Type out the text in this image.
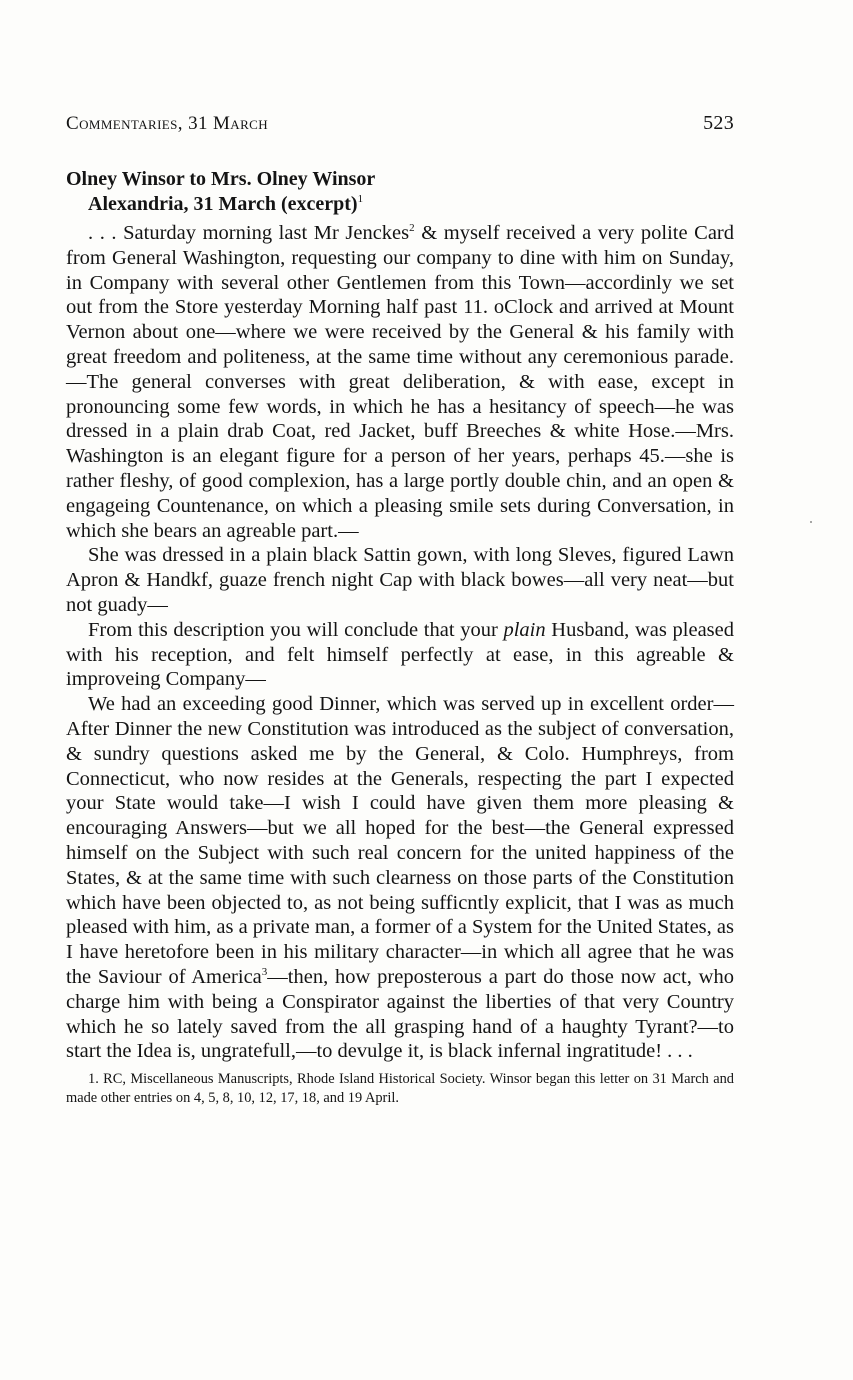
Commentaries, 31 March	523
Olney Winsor to Mrs. Olney Winsor
Alexandria, 31 March (excerpt)$^1$

. . . Saturday morning last Mr Jenckes$^2$ & myself received a very polite Card from General Washington, requesting our company to dine with him on Sunday, in Company with several other Gentlemen from this Town—accordinly we set out from the Store yesterday Morning half past 11. oClock and arrived at Mount Vernon about one—where we were received by the General & his family with great freedom and politeness, at the same time without any ceremonious parade.—The general converses with great deliberation, & with ease, except in pronouncing some few words, in which he has a hesitancy of speech—he was dressed in a plain drab Coat, red Jacket, buff Breeches & white Hose.—Mrs. Washington is an elegant figure for a person of her years, perhaps 45.—she is rather fleshy, of good complexion, has a large portly double chin, and an open & engageing Countenance, on which a pleasing smile sets during Conversation, in which she bears an agreable part.—

She was dressed in a plain black Sattin gown, with long Sleves, figured Lawn Apron & Handkf, guaze french night Cap with black bowes—all very neat—but not guady—

From this description you will conclude that your plain Husband, was pleased with his reception, and felt himself perfectly at ease, in this agreable & improveing Company—

We had an exceeding good Dinner, which was served up in excellent order—After Dinner the new Constitution was introduced as the subject of conversation, & sundry questions asked me by the General, & Colo. Humphreys, from Connecticut, who now resides at the Generals, respecting the part I expected your State would take—I wish I could have given them more pleasing & encouraging Answers—but we all hoped for the best—the General expressed himself on the Subject with such real concern for the united happiness of the States, & at the same time with such clearness on those parts of the Constitution which have been objected to, as not being sufficntly explicit, that I was as much pleased with him, as a private man, a former of a System for the United States, as I have heretofore been in his military character—in which all agree that he was the Saviour of America$^3$—then, how preposterous a part do those now act, who charge him with being a Conspirator against the liberties of that very Country which he so lately saved from the all grasping hand of a haughty Tyrant?—to start the Idea is, ungratefull,—to devulge it, is black infernal ingratitude! . . .

1. RC, Miscellaneous Manuscripts, Rhode Island Historical Society. Winsor began this letter on 31 March and made other entries on 4, 5, 8, 10, 12, 17, 18, and 19 April.
